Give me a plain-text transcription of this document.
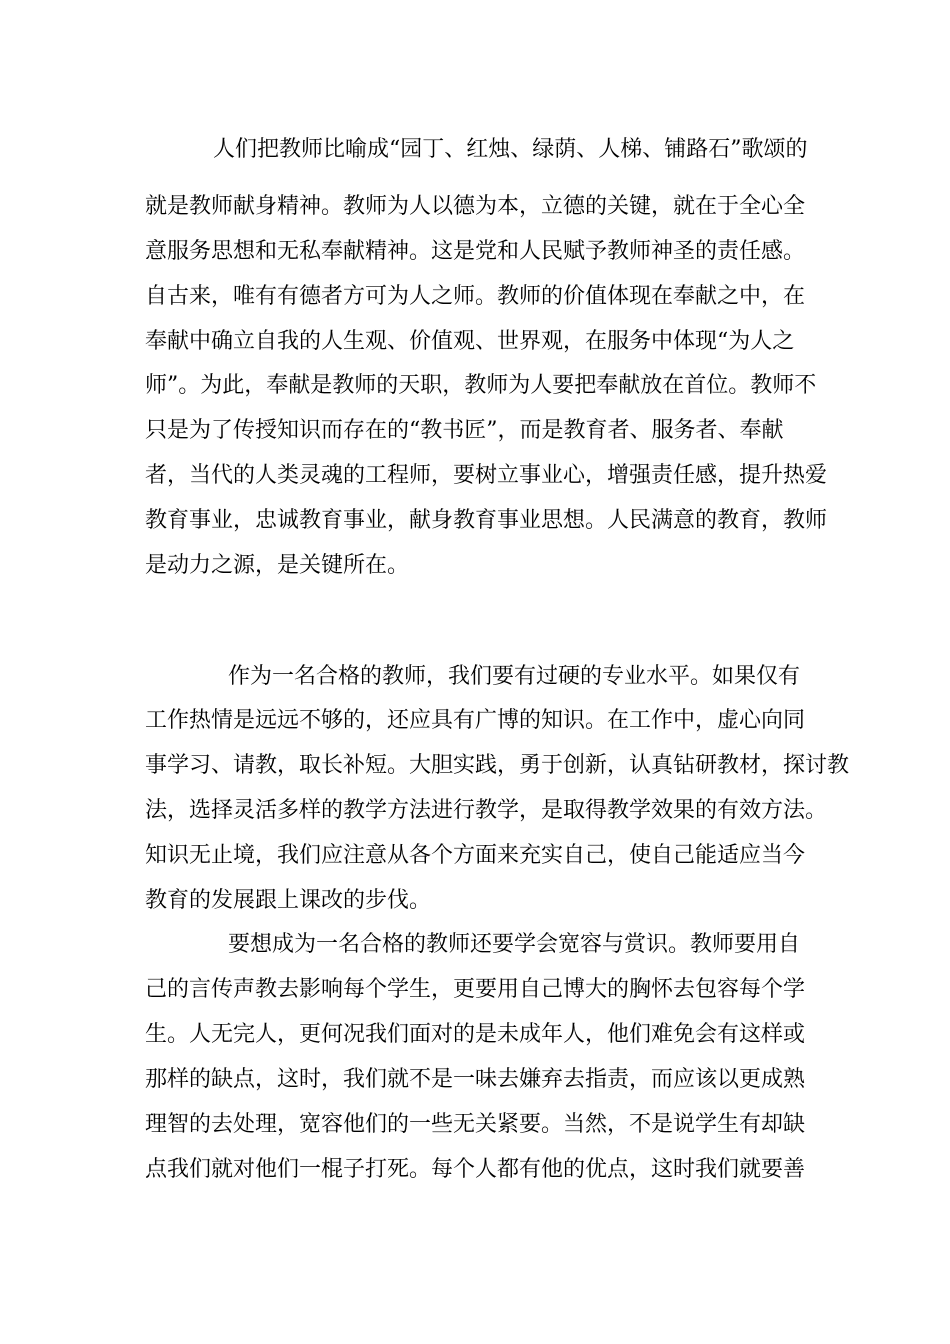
人们把教师比喻成“园丁、红烛、绿荫、人梯、铺路石”歌颂的

就是教师献身精神。教师为人以德为本，立德的关键，就在于全心全

意服务思想和无私奉献精神。这是党和人民赋予教师神圣的责任感。

自古来，唯有有德者方可为人之师。教师的价值体现在奉献之中，在

奉献中确立自我的人生观、价值观、世界观，在服务中体现“为人之

师”。为此，奉献是教师的天职，教师为人要把奉献放在首位。教师不

只是为了传授知识而存在的“教书匠”，而是教育者、服务者、奉献

者，当代的人类灵魂的工程师，要树立事业心，增强责任感，提升热爱

教育事业，忠诚教育事业，献身教育事业思想。人民满意的教育，教师

是动力之源，是关键所在。

作为一名合格的教师，我们要有过硬的专业水平。如果仅有

工作热情是远远不够的，还应具有广博的知识。在工作中，虚心向同

事学习、请教，取长补短。大胆实践，勇于创新，认真钻研教材，探讨教

法，选择灵活多样的教学方法进行教学，是取得教学效果的有效方法。

知识无止境，我们应注意从各个方面来充实自己，使自己能适应当今

教育的发展跟上课改的步伐。

要想成为一名合格的教师还要学会宽容与赏识。教师要用自

己的言传声教去影响每个学生，更要用自己博大的胸怀去包容每个学

生。人无完人，更何况我们面对的是未成年人，他们难免会有这样或

那样的缺点，这时，我们就不是一味去嫌弃去指责，而应该以更成熟

理智的去处理，宽容他们的一些无关紧要。当然，不是说学生有却缺

点我们就对他们一棍子打死。每个人都有他的优点，这时我们就要善
